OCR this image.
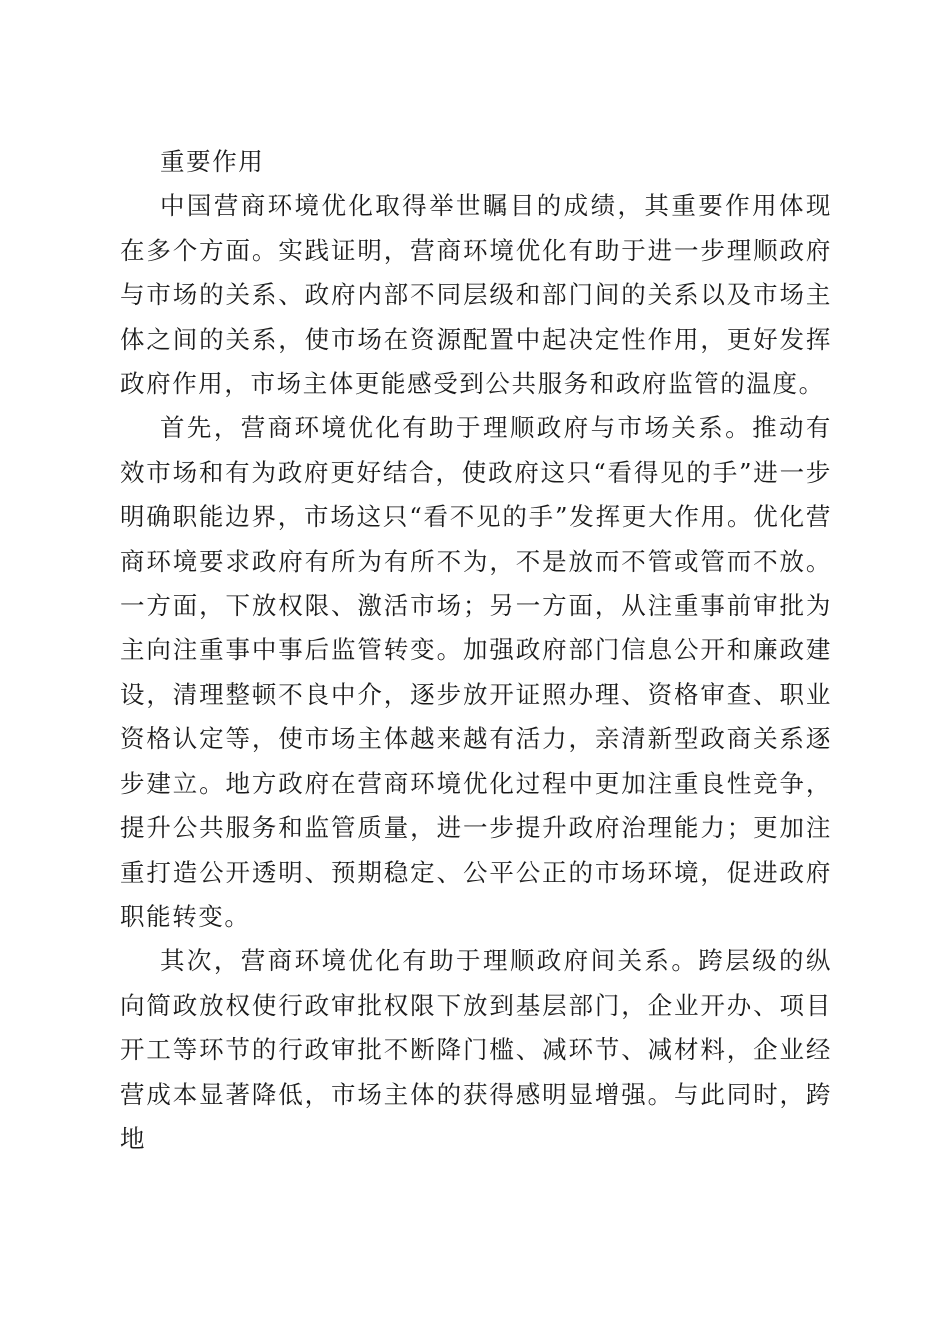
重要作用

中国营商环境优化取得举世瞩目的成绩，其重要作用体现在多个方面。实践证明，营商环境优化有助于进一步理顺政府与市场的关系、政府内部不同层级和部门间的关系以及市场主体之间的关系，使市场在资源配置中起决定性作用，更好发挥政府作用，市场主体更能感受到公共服务和政府监管的温度。

首先，营商环境优化有助于理顺政府与市场关系。推动有效市场和有为政府更好结合，使政府这只“看得见的手”进一步明确职能边界，市场这只“看不见的手”发挥更大作用。优化营商环境要求政府有所为有所不为，不是放而不管或管而不放。一方面，下放权限、激活市场；另一方面，从注重事前审批为主向注重事中事后监管转变。加强政府部门信息公开和廉政建设，清理整顿不良中介，逐步放开证照办理、资格审查、职业资格认定等，使市场主体越来越有活力，亲清新型政商关系逐步建立。地方政府在营商环境优化过程中更加注重良性竞争，提升公共服务和监管质量，进一步提升政府治理能力；更加注重打造公开透明、预期稳定、公平公正的市场环境，促进政府职能转变。

其次，营商环境优化有助于理顺政府间关系。跨层级的纵向简政放权使行政审批权限下放到基层部门，企业开办、项目开工等环节的行政审批不断降门槛、减环节、减材料，企业经营成本显著降低，市场主体的获得感明显增强。与此同时，跨地
